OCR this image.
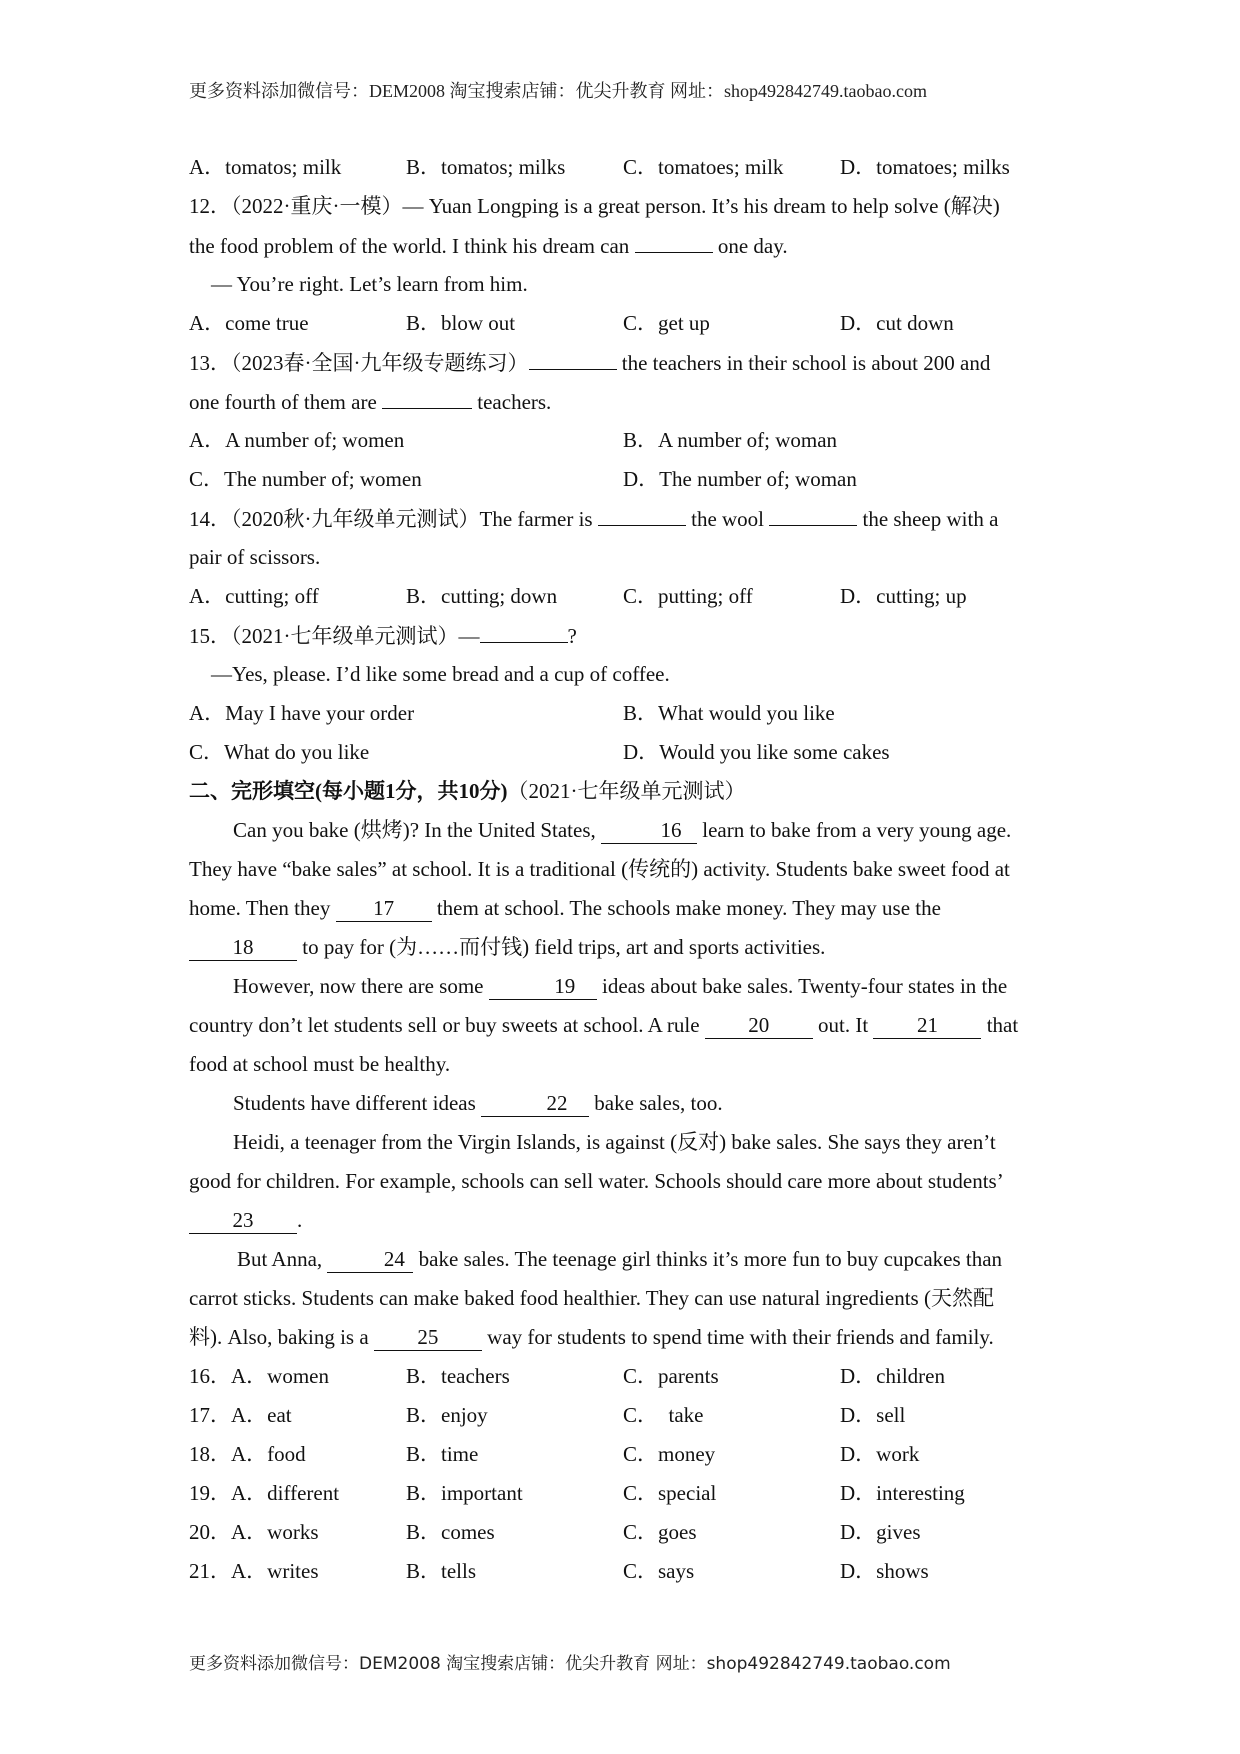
更多资料添加微信号：DEM2008 淘宝搜索店铺：优尖升教育 网址：shop492842749.taobao.com
A．tomatos; milk	B．tomatos; milks	C．tomatoes; milk	D．tomatoes; milks
12．（2022·重庆·一模）— Yuan Longping is a great person. It’s his dream to help solve (解决)
the food problem of the world. I think his dream can	one day.
— You’re right. Let’s learn from him.
A．come true	B．blow out	C．get up	D．cut down
13．（2023春·全国·九年级专题练习）	the teachers in their school is about 200 and
one fourth of them are	teachers.
A．A number of; women	B．A number of; woman
C．The number of; women	D．The number of; woman
14．（2020秋·九年级单元测试）The farmer is	the wool	the sheep with a
pair of scissors.
A．cutting; off	B．cutting; down	C．putting; off	D．cutting; up
15．（2021·七年级单元测试）—	?
—Yes, please. I’d like some bread and a cup of coffee.
A．May I have your order	B．What would you like
C．What do you like	D．Would you like some cakes
二、完形填空(每小题1分，共10分)（2021·七年级单元测试）
Can you bake (烘烤)? In the United States,	16 learn to bake from a very young age.
They have “bake sales” at school. It is a traditional (传统的) activity. Students bake sweet food at
home. Then they 17 them at school. The schools make money. They may use the
18 to pay for (为……而付钱) field trips, art and sports activities.
However, now there are some	19 ideas about bake sales. Twenty-four states in the
country don’t let students sell or buy sweets at school. A rule 20 out. It 21 that
food at school must be healthy.
Students have different ideas	22 bake sales, too.
Heidi, a teenager from the Virgin Islands, is against (反对) bake sales. She says they aren’t
good for children. For example, schools can sell water. Schools should care more about students’
23 .
But Anna,	24 bake sales. The teenage girl thinks it’s more fun to buy cupcakes than
carrot sticks. Students can make baked food healthier. They can use natural ingredients (天然配
料). Also, baking is a 25 way for students to spend time with their friends and family.
16．A．women	B．teachers	C．parents	D．children
17．A．eat	B．enjoy	C．  take	D．sell
18．A．food	B．time	C．money	D．work
19．A．different	B．important	C．special	D．interesting
20．A．works	B．comes	C．goes	D．gives
21．A．writes	B．tells	C．says	D．shows
更多资料添加微信号：DEM2008 淘宝搜索店铺：优尖升教育 网址：shop492842749.taobao.com
